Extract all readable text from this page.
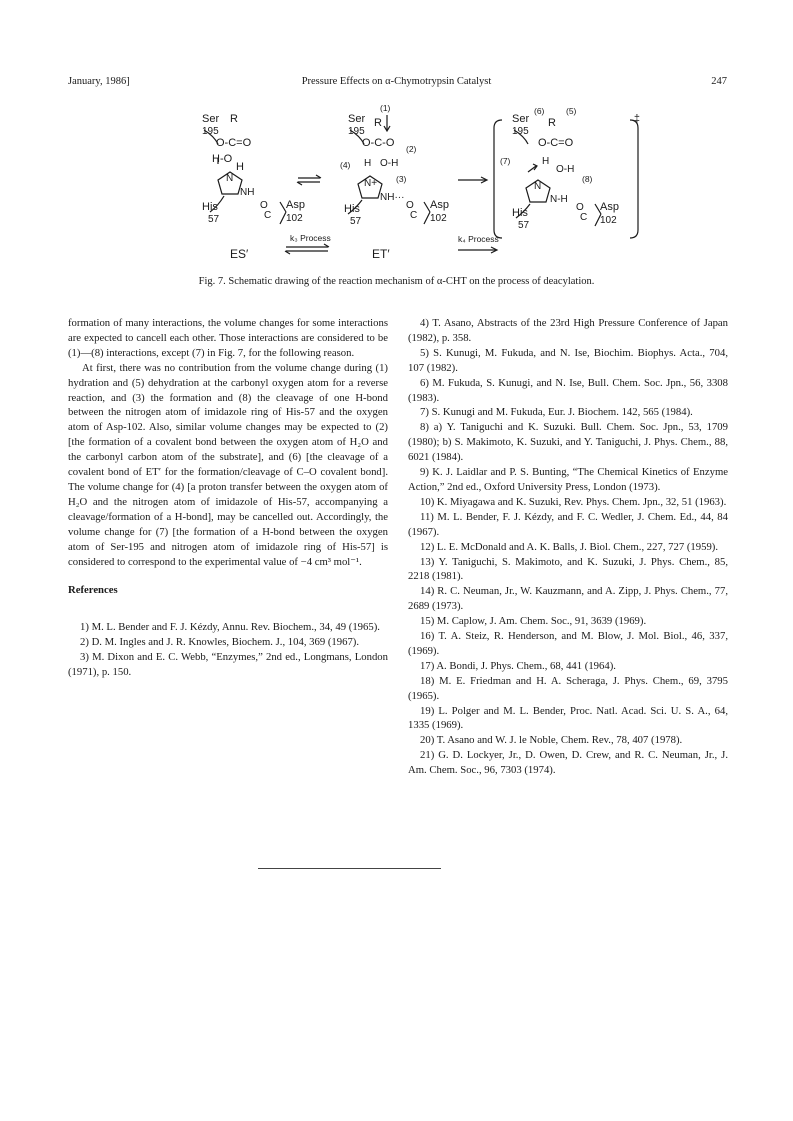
January, 1986]	Pressure Effects on α-Chymotrypsin Catalyst	247
Ser R
195
O-C=O
H-O
H
N
NH
His
57
O
C
Asp
102
(1)
Ser R
195
O-C-O (2)
(4) H O-H
N+ (3)
NH···
His
57
O
C
Asp
102
Ser
(6)
R
(5)
195
O-C=O
(7)	H
O-H
N
(8)
N-H
His
57
O
C
Asp
102
‡
ES′
k₃ Process
ET′
k₄ Process
Fig. 7. Schematic drawing of the reaction mechanism of α-CHT on the process of deacylation.

formation of many interactions, the volume changes for some interactions are expected to cancell each other. Those interactions are considered to be (1)—(8) interactions, except (7) in Fig. 7, for the following reason.

At first, there was no contribution from the volume change during (1) hydration and (5) dehydration at the carbonyl oxygen atom for a reverse reaction, and (3) the formation and (8) the cleavage of one H-bond between the nitrogen atom of imidazole ring of His-57 and the oxygen atom of Asp-102. Also, similar volume changes may be expected to (2) [the formation of a covalent bond between the oxygen atom of H₂O and the carbonyl carbon atom of the substrate], and (6) [the cleavage of a covalent bond of ET′ for the formation/cleavage of C–O covalent bond]. The volume change for (4) [a proton transfer between the oxygen atom of H₂O and the nitrogen atom of imidazole of His-57, accompanying a cleavage/formation of a H-bond], may be cancelled out. Accordingly, the volume change for (7) [the formation of a H-bond between the oxygen atom of Ser-195 and nitrogen atom of imidazole ring of His-57] is considered to correspond to the experimental value of −4 cm³ mol⁻¹.

References

1) M. L. Bender and F. J. Kézdy, Annu. Rev. Biochem., 34, 49 (1965).

2) D. M. Ingles and J. R. Knowles, Biochem. J., 104, 369 (1967).

3) M. Dixon and E. C. Webb, “Enzymes,” 2nd ed., Longmans, London (1971), p. 150.

4) T. Asano, Abstracts of the 23rd High Pressure Conference of Japan (1982), p. 358.

5) S. Kunugi, M. Fukuda, and N. Ise, Biochim. Biophys. Acta., 704, 107 (1982).

6) M. Fukuda, S. Kunugi, and N. Ise, Bull. Chem. Soc. Jpn., 56, 3308 (1983).

7) S. Kunugi and M. Fukuda, Eur. J. Biochem. 142, 565 (1984).

8) a) Y. Taniguchi and K. Suzuki. Bull. Chem. Soc. Jpn., 53, 1709 (1980); b) S. Makimoto, K. Suzuki, and Y. Taniguchi, J. Phys. Chem., 88, 6021 (1984).

9) K. J. Laidlar and P. S. Bunting, “The Chemical Kinetics of Enzyme Action,” 2nd ed., Oxford University Press, London (1973).

10) K. Miyagawa and K. Suzuki, Rev. Phys. Chem. Jpn., 32, 51 (1963).

11) M. L. Bender, F. J. Kézdy, and F. C. Wedler, J. Chem. Ed., 44, 84 (1967).

12) L. E. McDonald and A. K. Balls, J. Biol. Chem., 227, 727 (1959).

13) Y. Taniguchi, S. Makimoto, and K. Suzuki, J. Phys. Chem., 85, 2218 (1981).

14) R. C. Neuman, Jr., W. Kauzmann, and A. Zipp, J. Phys. Chem., 77, 2689 (1973).

15) M. Caplow, J. Am. Chem. Soc., 91, 3639 (1969).

16) T. A. Steiz, R. Henderson, and M. Blow, J. Mol. Biol., 46, 337, (1969).

17) A. Bondi, J. Phys. Chem., 68, 441 (1964).

18) M. E. Friedman and H. A. Scheraga, J. Phys. Chem., 69, 3795 (1965).

19) L. Polger and M. L. Bender, Proc. Natl. Acad. Sci. U. S. A., 64, 1335 (1969).

20) T. Asano and W. J. le Noble, Chem. Rev., 78, 407 (1978).

21) G. D. Lockyer, Jr., D. Owen, D. Crew, and R. C. Neuman, Jr., J. Am. Chem. Soc., 96, 7303 (1974).
